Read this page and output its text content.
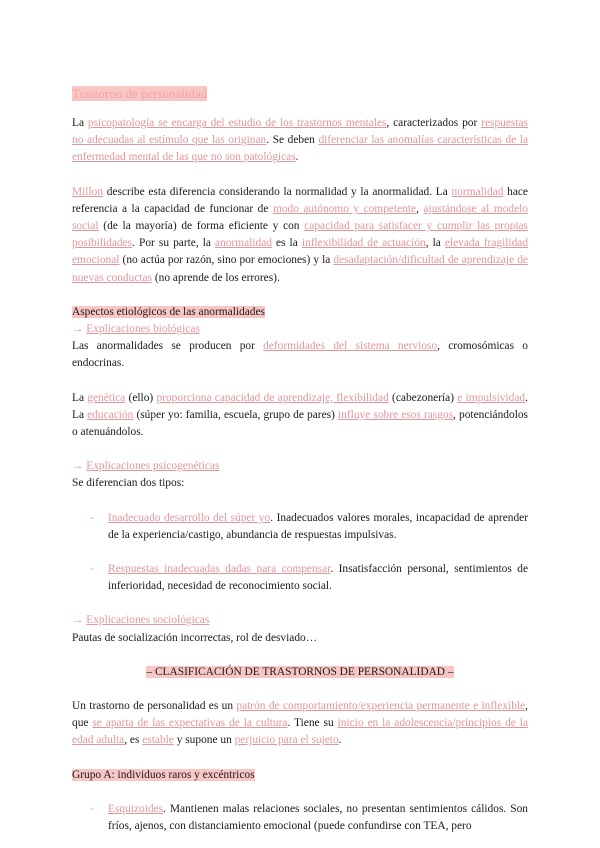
Trastorno de personalidad

La psicopatología se encarga del estudio de los trastornos mentales, caracterizados por respuestas no adecuadas al estímulo que las originan. Se deben diferenciar las anomalías características de la enfermedad mental de las que no son patológicas.

Millon describe esta diferencia considerando la normalidad y la anormalidad. La normalidad hace referencia a la capacidad de funcionar de modo autónomo y competente, ajustándose al modelo social (de la mayoría) de forma eficiente y con capacidad para satisfacer y cumplir las propias posibilidades. Por su parte, la anormalidad es la inflexibilidad de actuación, la elevada fragilidad emocional (no actúa por razón, sino por emociones) y la desadaptación/dificultad de aprendizaje de nuevas conductas (no aprende de los errores).

Aspectos etiológicos de las anormalidades

→ Explicaciones biológicas

Las anormalidades se producen por deformidades del sistema nervioso, cromosómicas o endocrinas.

La genética (ello) proporciona capacidad de aprendizaje, flexibilidad (cabezonería) e impulsividad. La educación (súper yo: familia, escuela, grupo de pares) influye sobre esos rasgos, potenciándolos o atenuándolos.

→ Explicaciones psicogenéticas

Se diferencian dos tipos:

- Inadecuado desarrollo del súper yo. Inadecuados valores morales, incapacidad de aprender de la experiencia/castigo, abundancia de respuestas impulsivas.

- Respuestas inadecuadas dadas para compensar. Insatisfacción personal, sentimientos de inferioridad, necesidad de reconocimiento social.

→ Explicaciones sociológicas

Pautas de socialización incorrectas, rol de desviado…

– CLASIFICACIÓN DE TRASTORNOS DE PERSONALIDAD –

Un trastorno de personalidad es un patrón de comportamiento/experiencia permanente e inflexible, que se aparta de las expectativas de la cultura. Tiene su inicio en la adolescencia/principios de la edad adulta, es estable y supone un perjuicio para el sujeto.

Grupo A: individuos raros y excéntricos

- Esquizoides. Mantienen malas relaciones sociales, no presentan sentimientos cálidos. Son fríos, ajenos, con distanciamiento emocional (puede confundirse con TEA, pero
